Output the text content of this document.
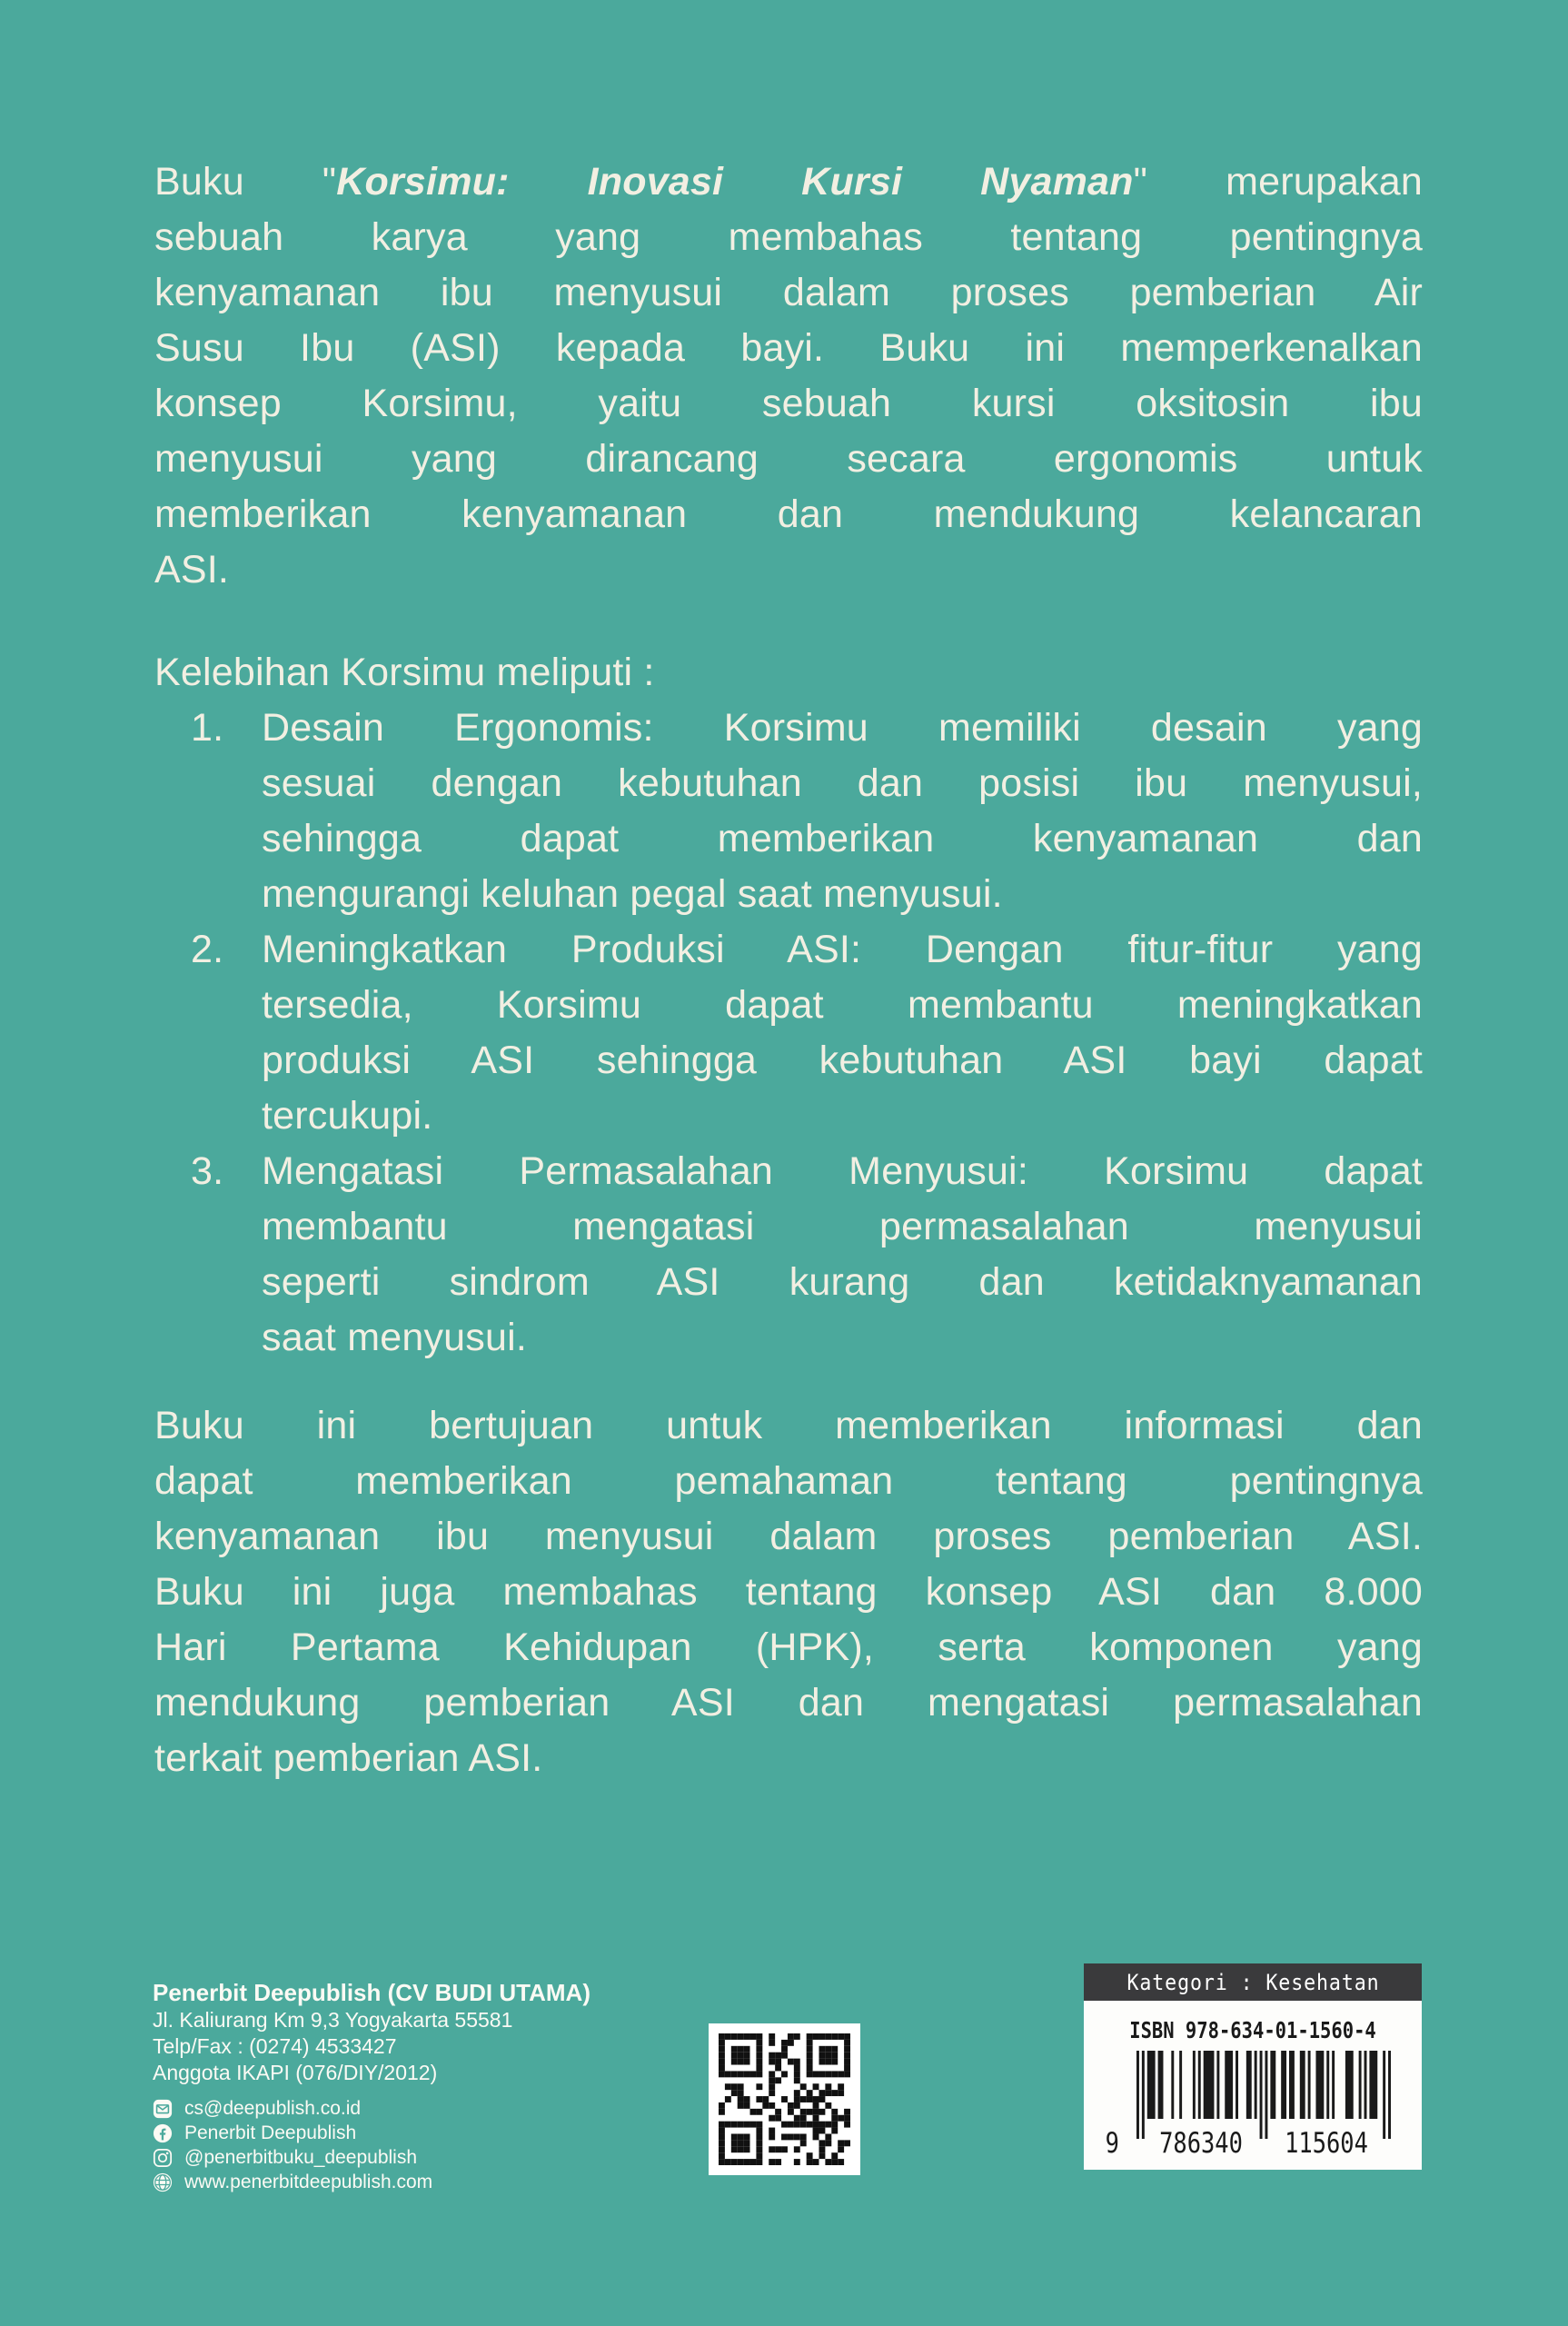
Buku "Korsimu: Inovasi Kursi Nyaman" merupakan
sebuah karya yang membahas tentang pentingnya
kenyamanan ibu menyusui dalam proses pemberian Air
Susu Ibu (ASI) kepada bayi. Buku ini memperkenalkan
konsep Korsimu, yaitu sebuah kursi oksitosin ibu
menyusui yang dirancang secara ergonomis untuk
memberikan kenyamanan dan mendukung kelancaran
ASI.
Kelebihan Korsimu meliputi :
1. Desain Ergonomis: Korsimu memiliki desain yang
sesuai dengan kebutuhan dan posisi ibu menyusui,
sehingga dapat memberikan kenyamanan dan
mengurangi keluhan pegal saat menyusui.
2. Meningkatkan Produksi ASI: Dengan fitur-fitur yang
tersedia, Korsimu dapat membantu meningkatkan
produksi ASI sehingga kebutuhan ASI bayi dapat
tercukupi.
3. Mengatasi Permasalahan Menyusui: Korsimu dapat
membantu mengatasi permasalahan menyusui
seperti sindrom ASI kurang dan ketidaknyamanan
saat menyusui.
Buku ini bertujuan untuk memberikan informasi dan
dapat memberikan pemahaman tentang pentingnya
kenyamanan ibu menyusui dalam proses pemberian ASI.
Buku ini juga membahas tentang konsep ASI dan 8.000
Hari Pertama Kehidupan (HPK), serta komponen yang
mendukung pemberian ASI dan mengatasi permasalahan
terkait pemberian ASI.
Penerbit Deepublish (CV BUDI UTAMA)
Jl. Kaliurang Km 9,3 Yogyakarta 55581
Telp/Fax : (0274) 4533427
Anggota IKAPI (076/DIY/2012)
cs@deepublish.co.id
Penerbit Deepublish
@penerbitbuku_deepublish
www.penerbitdeepublish.com
Kategori : Kesehatan
ISBN 978-634-01-1560-4
9 786340 115604
